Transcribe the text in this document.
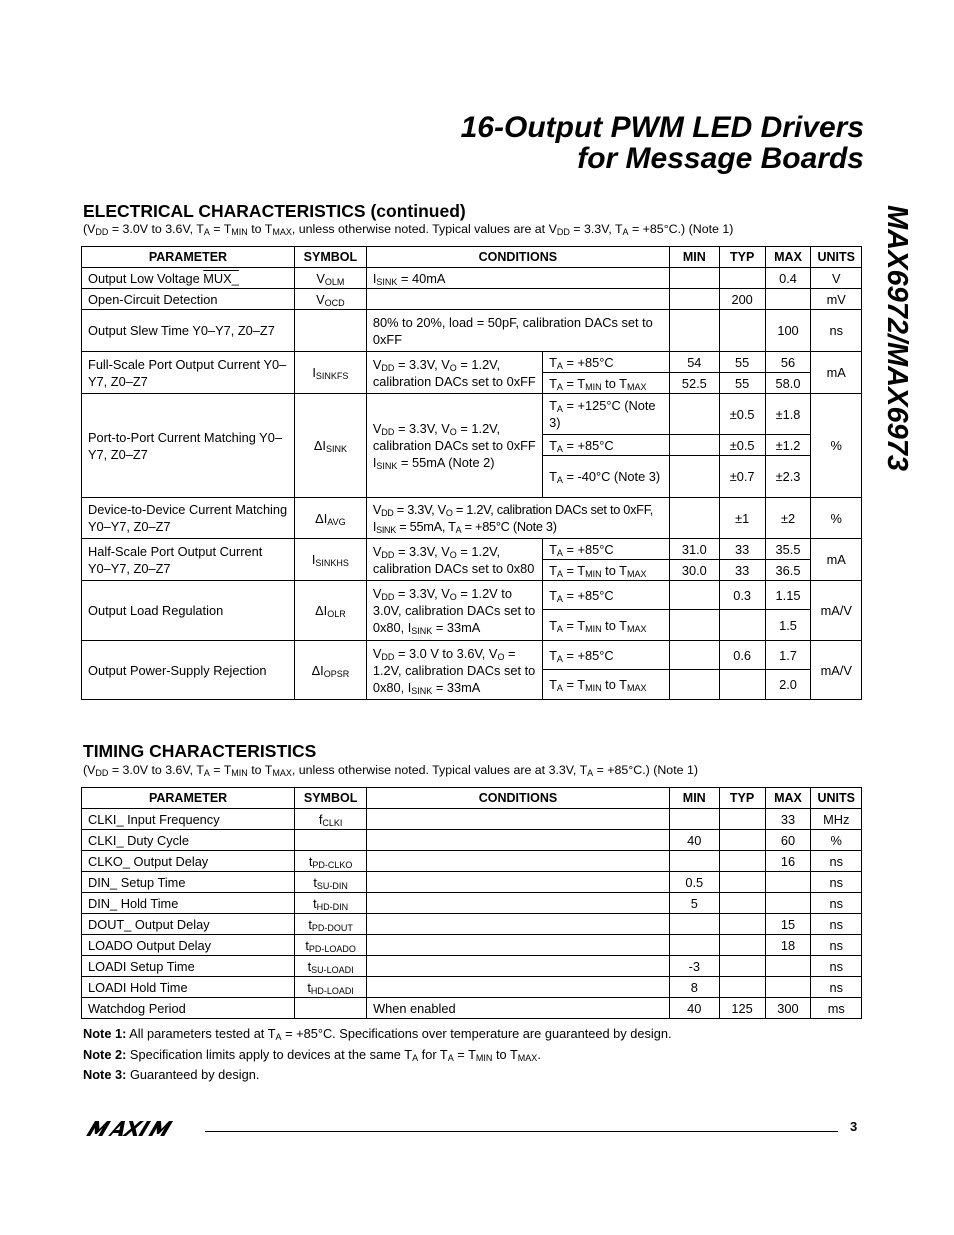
16-Output PWM LED Drivers
for Message Boards
MAX6972/MAX6973
ELECTRICAL CHARACTERISTICS (continued)
($V_{DD} = 3.0V$ to 3.6V, $T_A = T_{MIN}$ to $T_{MAX}$, unless otherwise noted. Typical values are at $V_{DD} = 3.3V$, $T_A = +85^\circ C$.) (Note 1)
PARAMETER	SYMBOL	CONDITIONS		MIN	TYP	MAX	UNITS
Output Low Voltage MUX_	$V_{OLM}$	$I_{SINK} = 40mA$				0.4	V
Open-Circuit Detection	$V_{OCD}$				200		mV
Output Slew Time Y0–Y7, Z0–Z7		80% to 20%, load = 50pF, calibration DACs set to 0xFF				100	ns
Full-Scale Port Output Current Y0–Y7, Z0–Z7	$I_{SINKFS}$	$V_{DD} = 3.3V$, $V_O = 1.2V$, calibration DACs set to 0xFF	$T_A = +85^\circ C$	54	55	56	mA
			$T_A = T_{MIN}$ to $T_{MAX}$	52.5	55	58.0	
Port-to-Port Current Matching Y0–Y7, Z0–Z7	$\Delta I_{SINK}$	$V_{DD} = 3.3V$, $V_O = 1.2V$, calibration DACs set to 0xFF $I_{SINK} = 55mA$ (Note 2)	$T_A = +125^\circ C$ (Note 3)		±0.5	±1.8	%
			$T_A = +85^\circ C$		±0.5	±1.2	
			$T_A = -40^\circ C$ (Note 3)		±0.7	±2.3	
Device-to-Device Current Matching Y0–Y7, Z0–Z7	$\Delta I_{AVG}$	$V_{DD} = 3.3V$, $V_O = 1.2V$, calibration DACs set to 0xFF, $I_{SINK} = 55mA$, $T_A = +85^\circ C$ (Note 3)			±1	±2	%
Half-Scale Port Output Current Y0–Y7, Z0–Z7	$I_{SINKHS}$	$V_{DD} = 3.3V$, $V_O = 1.2V$, calibration DACs set to 0x80	$T_A = +85^\circ C$	31.0	33	35.5	mA
			$T_A = T_{MIN}$ to $T_{MAX}$	30.0	33	36.5	
Output Load Regulation	$\Delta I_{OLR}$	$V_{DD} = 3.3V$, $V_O = 1.2V$ to 3.0V, calibration DACs set to 0x80, $I_{SINK} = 33mA$	$T_A = +85^\circ C$		0.3	1.15	mA/V
			$T_A = T_{MIN}$ to $T_{MAX}$			1.5	
Output Power-Supply Rejection	$\Delta I_{OPSR}$	$V_{DD} = 3.0$ V to 3.6V, $V_O = 1.2V$, calibration DACs set to 0x80, $I_{SINK} = 33mA$	$T_A = +85^\circ C$		0.6	1.7	mA/V
			$T_A = T_{MIN}$ to $T_{MAX}$			2.0	
TIMING CHARACTERISTICS
($V_{DD} = 3.0V$ to 3.6V, $T_A = T_{MIN}$ to $T_{MAX}$, unless otherwise noted. Typical values are at 3.3V, $T_A = +85^\circ C$.) (Note 1)
PARAMETER	SYMBOL	CONDITIONS	MIN	TYP	MAX	UNITS
CLKI_ Input Frequency	$f_{CLKI}$				33	MHz
CLKI_ Duty Cycle			40		60	%
CLKO_ Output Delay	$t_{PD-CLKO}$				16	ns
DIN_ Setup Time	$t_{SU-DIN}$		0.5			ns
DIN_ Hold Time	$t_{HD-DIN}$		5			ns
DOUT_ Output Delay	$t_{PD-DOUT}$				15	ns
LOADO Output Delay	$t_{PD-LOADO}$				18	ns
LOADI Setup Time	$t_{SU-LOADI}$		-3			ns
LOADI Hold Time	$t_{HD-LOADI}$		8			ns
Watchdog Period		When enabled	40	125	300	ms
Note 1: All parameters tested at $T_A = +85^\circ C$. Specifications over temperature are guaranteed by design.
Note 2: Specification limits apply to devices at the same $T_A$ for $T_A = T_{MIN}$ to $T_{MAX}$.
Note 3: Guaranteed by design.
3
